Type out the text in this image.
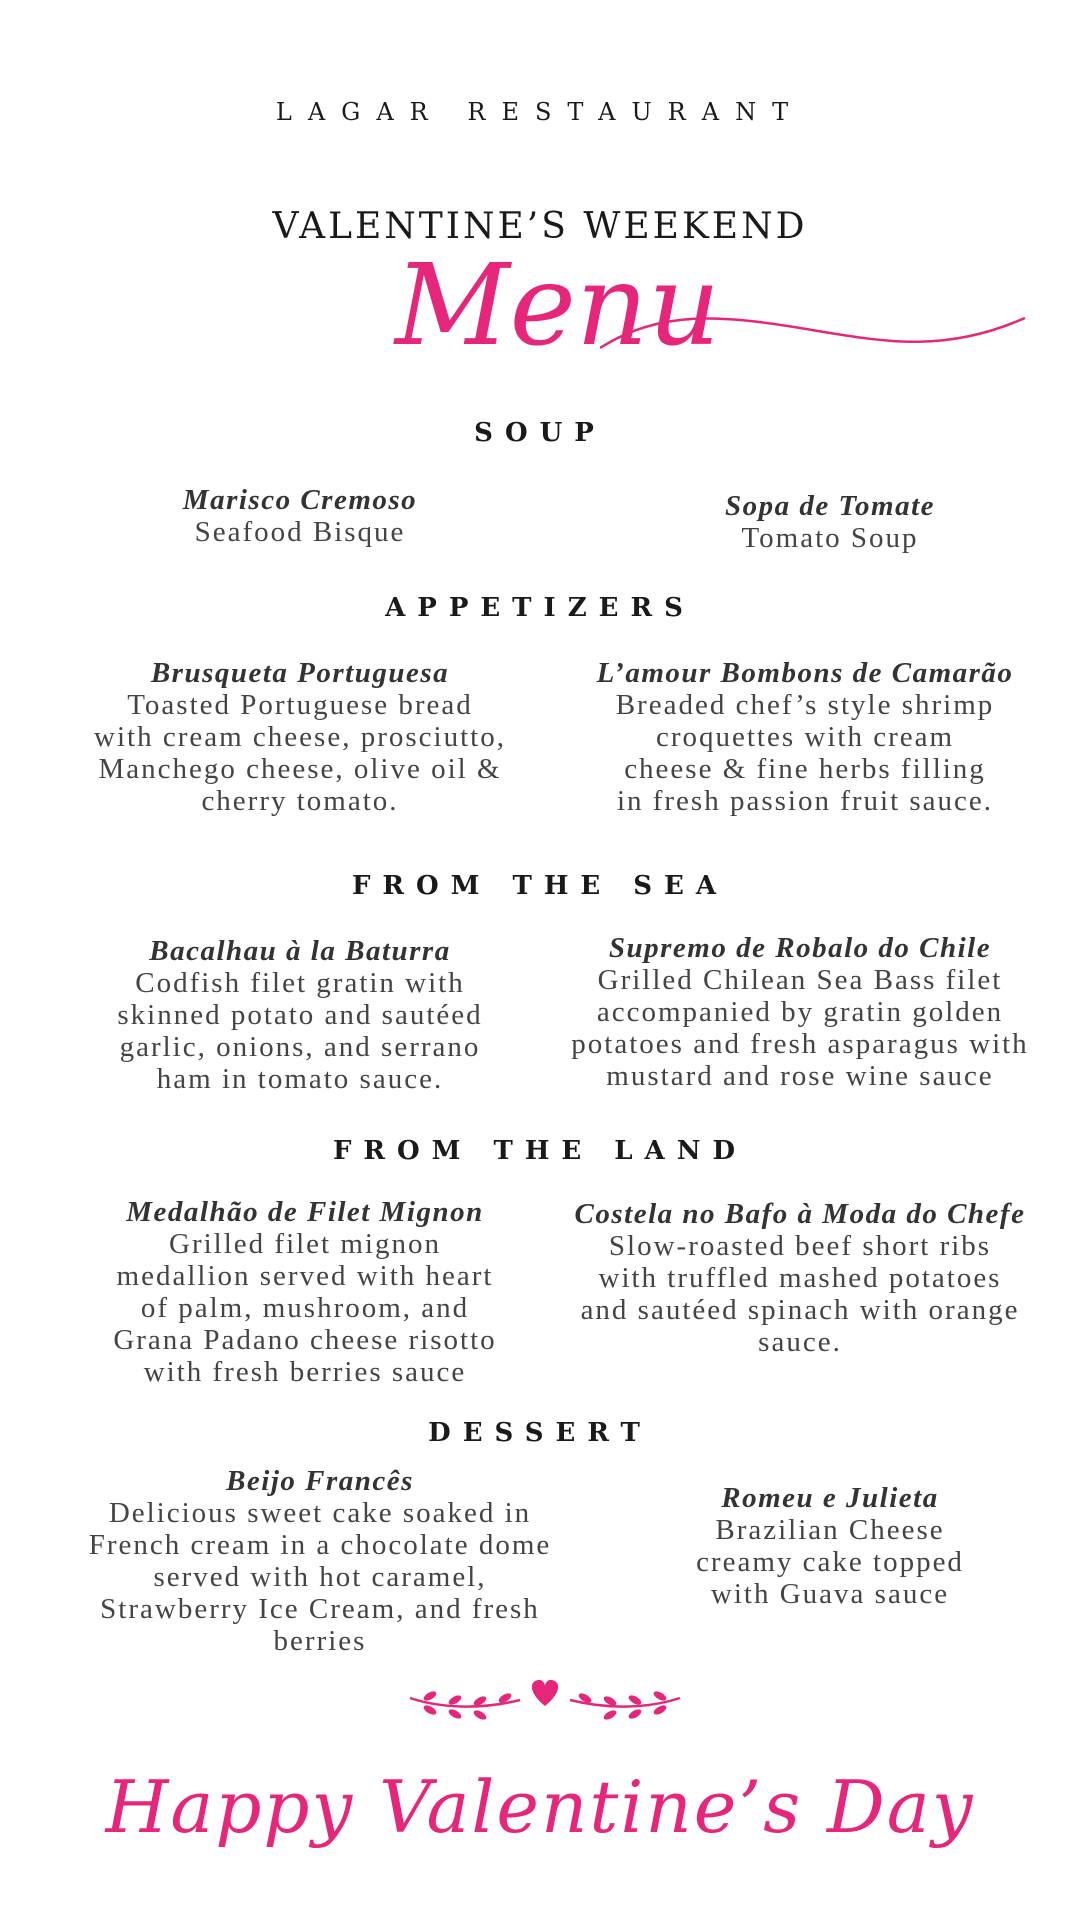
LAGAR RESTAURANT
VALENTINE’S WEEKEND
Menu
SOUP
Marisco Cremoso
Seafood Bisque
Sopa de Tomate
Tomato Soup
APPETIZERS
Brusqueta Portuguesa
Toasted Portuguese bread
with cream cheese, prosciutto,
Manchego cheese, olive oil &
cherry tomato.
L’amour Bombons de Camarão
Breaded chef’s style shrimp
croquettes with cream
cheese & fine herbs filling
in fresh passion fruit sauce.
FROM THE SEA
Bacalhau à la Baturra
Codfish filet gratin with
skinned potato and sautéed
garlic, onions, and serrano
ham in tomato sauce.
Supremo de Robalo do Chile
Grilled Chilean Sea Bass filet
accompanied by gratin golden
potatoes and fresh asparagus with
mustard and rose wine sauce
FROM THE LAND
Medalhão de Filet Mignon
Grilled filet mignon
medallion served with heart
of palm, mushroom, and
Grana Padano cheese risotto
with fresh berries sauce
Costela no Bafo à Moda do Chefe
Slow-roasted beef short ribs
with truffled mashed potatoes
and sautéed spinach with orange
sauce.
DESSERT
Beijo Francês
Delicious sweet cake soaked in
French cream in a chocolate dome
served with hot caramel,
Strawberry Ice Cream, and fresh
berries
Romeu e Julieta
Brazilian Cheese
creamy cake topped
with Guava sauce
Happy Valentine’s Day
